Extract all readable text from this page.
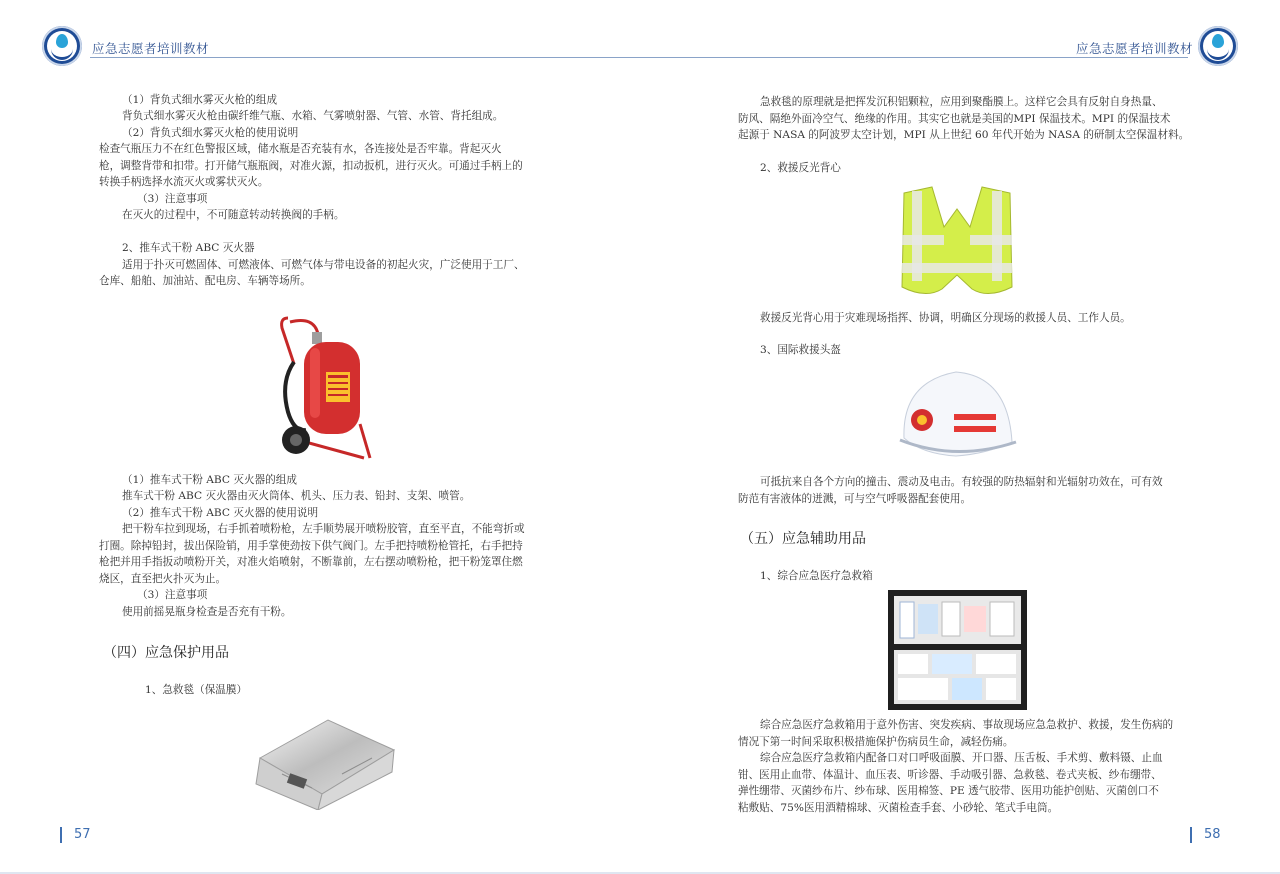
应急志愿者培训教材	应急志愿者培训教材
（1）背负式细水雾灭火枪的组成
背负式细水雾灭火枪由碳纤维气瓶、水箱、气雾喷射器、气管、水管、背托组成。
（2）背负式细水雾灭火枪的使用说明
检查气瓶压力不在红色警报区域，储水瓶是否充装有水，各连接处是否牢靠。背起灭火
枪，调整背带和扣带。打开储气瓶瓶阀，对准火源，扣动扳机，进行灭火。可通过手柄上的
转换手柄选择水流灭火或雾状灭火。
（3）注意事项
在灭火的过程中，不可随意转动转换阀的手柄。
2、推车式干粉 ABC 灭火器
适用于扑灭可燃固体、可燃液体、可燃气体与带电设备的初起火灾，广泛使用于工厂、
仓库、船舶、加油站、配电房、车辆等场所。
（1）推车式干粉 ABC 灭火器的组成
推车式干粉 ABC 灭火器由灭火筒体、机头、压力表、铅封、支架、喷管。
（2）推车式干粉 ABC 灭火器的使用说明
把干粉车拉到现场，右手抓着喷粉枪，左手顺势展开喷粉胶管，直至平直，不能弯折或
打圈。除掉铅封，拔出保险销，用手掌使劲按下供气阀门。左手把持喷粉枪管托，右手把持
枪把并用手指扳动喷粉开关，对准火焰喷射，不断靠前，左右摆动喷粉枪，把干粉笼罩住燃
烧区，直至把火扑灭为止。
（3）注意事项
使用前摇晃瓶身检查是否充有干粉。
（四）应急保护用品
1、急救毯（保温膜）
57
急救毯的原理就是把挥发沉积铝颗粒，应用到聚酯膜上。这样它会具有反射自身热量、
防风、隔绝外面冷空气、绝缘的作用。其实它也就是美国的MPI 保温技术。MPI 的保温技术
起源于 NASA 的阿波罗太空计划，MPI 从上世纪 60 年代开始为 NASA 的研制太空保温材料。
2、救援反光背心
救援反光背心用于灾难现场指挥、协调，明确区分现场的救援人员、工作人员。
3、国际救援头盔
可抵抗来自各个方向的撞击、震动及电击。有较强的防热辐射和光辐射功效在，可有效
防范有害液体的迸溅，可与空气呼吸器配套使用。
（五）应急辅助用品
1、综合应急医疗急救箱
综合应急医疗急救箱用于意外伤害、突发疾病、事故现场应急急救护、救援，发生伤病的
情况下第一时间采取积极措施保护伤病员生命，减轻伤痛。
综合应急医疗急救箱内配备口对口呼吸面膜、开口器、压舌板、手术剪、敷料镊、止血
钳、医用止血带、体温计、血压表、听诊器、手动吸引器、急救毯、卷式夹板、纱布绷带、
弹性绷带、灭菌纱布片、纱布球、医用棉签、PE 透气胶带、医用功能护创贴、灭菌创口不
粘敷贴、75%医用酒精棉球、灭菌检查手套、小砂轮、笔式手电筒。
58
